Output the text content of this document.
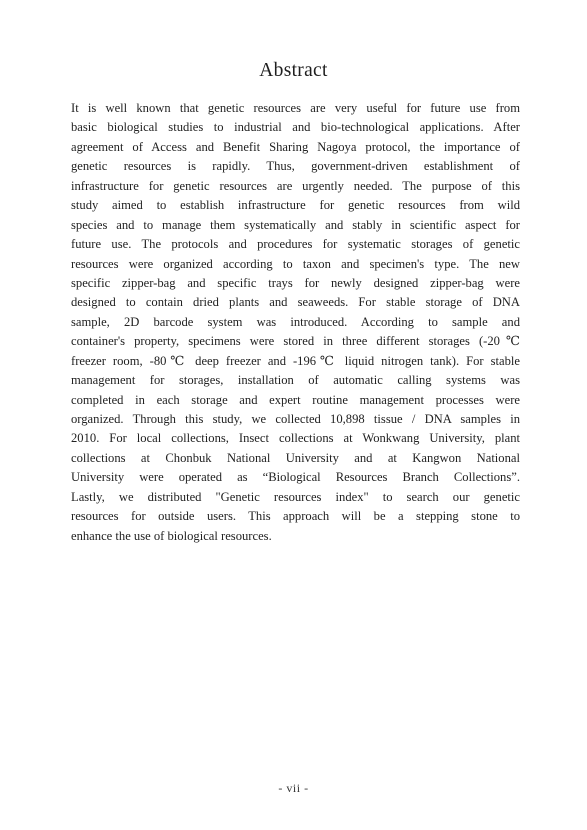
Abstract
It is well known that genetic resources are very useful for future use from
basic biological studies to industrial and bio-technological applications. After
agreement of Access and Benefit Sharing Nagoya protocol, the importance of
genetic resources is rapidly. Thus, government-driven establishment of
infrastructure for genetic resources are urgently needed. The purpose of this
study aimed to establish infrastructure for genetic resources from wild
species and to manage them systematically and stably in scientific aspect for
future use. The protocols and procedures for systematic storages of genetic
resources were organized according to taxon and specimen's type. The new
specific zipper-bag and specific trays for newly designed zipper-bag were
designed to contain dried plants and seaweeds. For stable storage of DNA
sample, 2D barcode system was introduced. According to sample and
container's property, specimens were stored in three different storages (-20℃
freezer room, -80℃ deep freezer and -196℃ liquid nitrogen tank). For stable
management for storages, installation of automatic calling systems was
completed in each storage and expert routine management processes were
organized. Through this study, we collected 10,898 tissue / DNA samples in
2010. For local collections, Insect collections at Wonkwang University, plant
collections at Chonbuk National University and at Kangwon National
University were operated as “Biological Resources Branch Collections”.
Lastly, we distributed "Genetic resources index" to search our genetic
resources for outside users. This approach will be a stepping stone to
enhance the use of biological resources.
- vii -
